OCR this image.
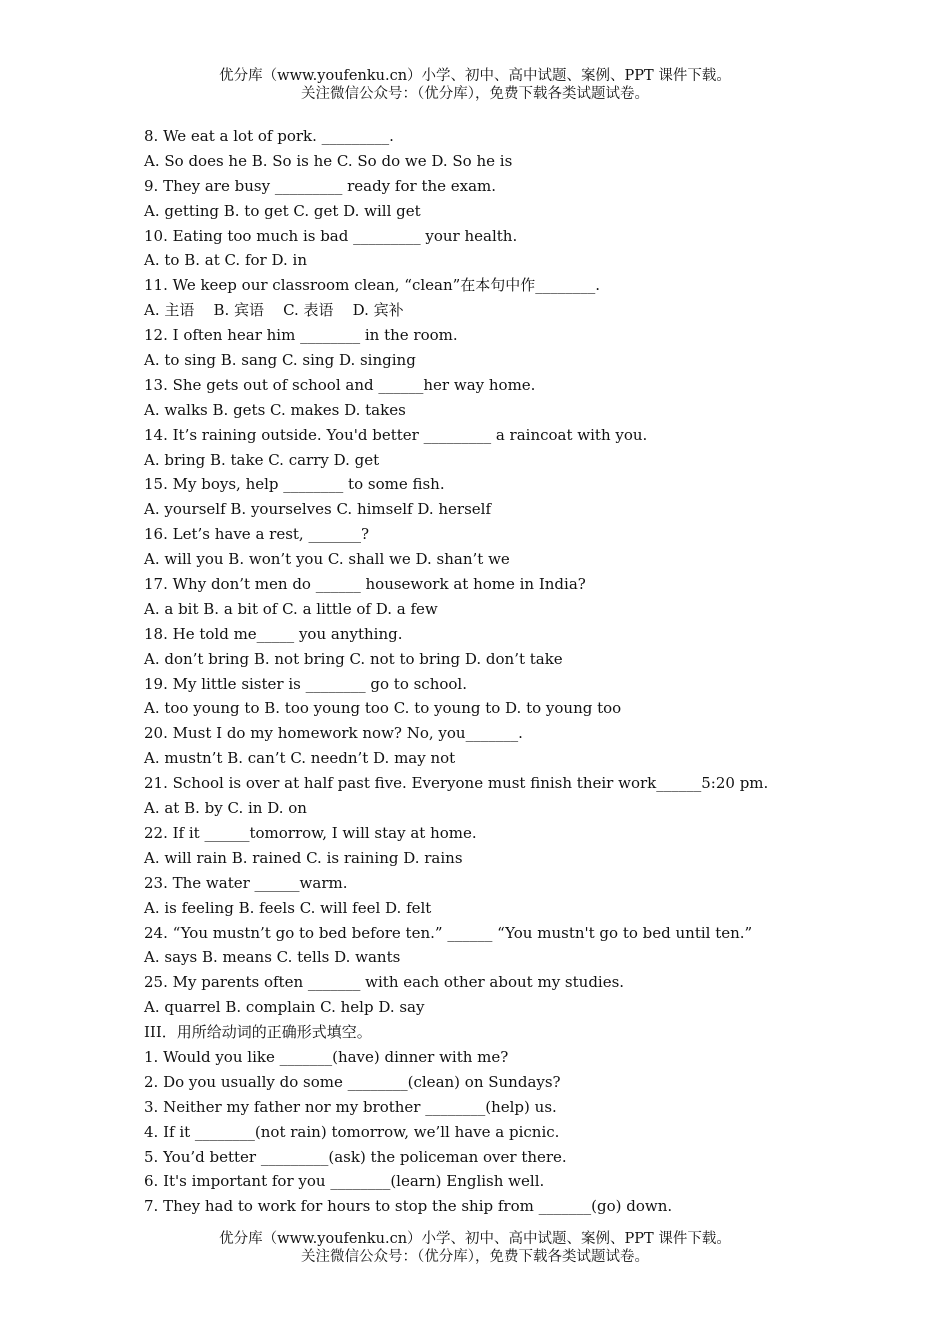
优分库（www.youfenku.cn）小学、初中、高中试题、案例、PPT 课件下载。
关注微信公众号：（优分库），免费下载各类试题试卷。
8. We eat a lot of pork. _________.
A. So does he B. So is he C. So do we D. So he is
9. They are busy _________ ready for the exam.
A. getting B. to get C. get D. will get
10. Eating too much is bad _________ your health.
A. to B. at C. for D. in
11. We keep our classroom clean, “clean”在本句中作________.
A. 主语    B. 宾语    C. 表语    D. 宾补
12. I often hear him ________ in the room.
A. to sing B. sang C. sing D. singing
13. She gets out of school and ______her way home.
A. walks B. gets C. makes D. takes
14. It’s raining outside. You'd better _________ a raincoat with you.
A. bring B. take C. carry D. get
15. My boys, help ________ to some fish.
A. yourself B. yourselves C. himself D. herself
16. Let’s have a rest, _______?
A. will you B. won’t you C. shall we D. shan’t we
17. Why don’t men do ______ housework at home in India?
A. a bit B. a bit of C. a little of D. a few
18. He told me_____ you anything.
A. don’t bring B. not bring C. not to bring D. don’t take
19. My little sister is ________ go to school.
A. too young to B. too young too C. to young to D. to young too
20. Must I do my homework now? No, you_______.
A. mustn’t B. can’t C. needn’t D. may not
21. School is over at half past five. Everyone must finish their work______5:20 pm.
A. at B. by C. in D. on
22. If it ______tomorrow, I will stay at home.
A. will rain B. rained C. is raining D. rains
23. The water ______warm.
A. is feeling B. feels C. will feel D. felt
24. “You mustn’t go to bed before ten.” ______ “You mustn't go to bed until ten.”
A. says B. means C. tells D. wants
25. My parents often _______ with each other about my studies.
A. quarrel B. complain C. help D. say
III．用所给动词的正确形式填空。
1. Would you like _______(have) dinner with me?
2. Do you usually do some ________(clean) on Sundays?
3. Neither my father nor my brother ________(help) us.
4. If it ________(not rain) tomorrow, we’ll have a picnic.
5. You’d better _________(ask) the policeman over there.
6. It's important for you ________(learn) English well.
7. They had to work for hours to stop the ship from _______(go) down.
优分库（www.youfenku.cn）小学、初中、高中试题、案例、PPT 课件下载。
关注微信公众号：（优分库），免费下载各类试题试卷。
